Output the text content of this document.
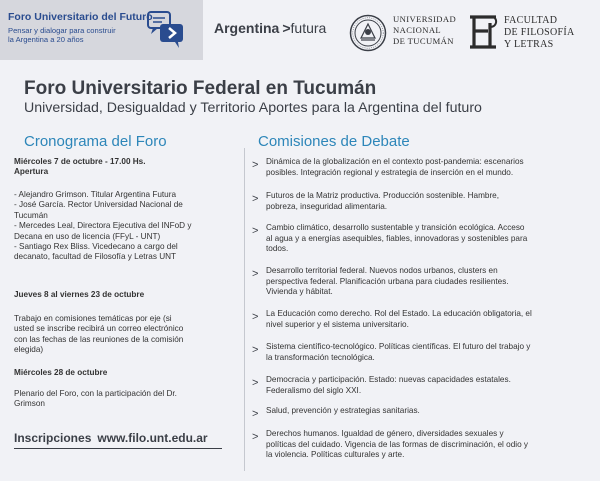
Foro Universitario del Futuro
Pensar y dialogar para construir
la Argentina a 20 años
Argentina >futura
UNIVERSIDAD
NACIONAL
DE TUCUMÁN
FACULTAD
DE FILOSOFÍA
Y LETRAS
Foro Universitario Federal en Tucumán
Universidad, Desigualdad y Territorio Aportes para la Argentina del futuro
Cronograma del Foro	Comisiones de Debate
Miércoles 7 de octubre - 17.00 Hs.
Apertura
- Alejandro Grimson. Titular Argentina Futura
- José García. Rector Universidad Nacional de
Tucumán
- Mercedes Leal, Directora Ejecutiva del INFoD y
Decana en uso de licencia (FFyL - UNT)
- Santiago Rex Bliss. Vicedecano a cargo del
decanato, facultad de Filosofía y Letras UNT
Jueves 8 al viernes 23 de octubre
Trabajo en comisiones temáticas por eje (si
usted se inscribe recibirá un correo electrónico
con las fechas de las reuniones de la comisión
elegida)
Miércoles 28 de octubre
Plenario del Foro, con la participación del Dr.
Grimson
Inscripciones www.filo.unt.edu.ar
> Dinámica de la globalización en el contexto post-pandemia: escenarios
posibles. Integración regional y estrategia de inserción en el mundo.
> Futuros de la Matriz productiva. Producción sostenible. Hambre,
pobreza, inseguridad alimentaria.
> Cambio climático, desarrollo sustentable y transición ecológica. Acceso
al agua y a energías asequibles, fiables, innovadoras y sostenibles para
todos.
> Desarrollo territorial federal. Nuevos nodos urbanos, clusters en
perspectiva federal. Planificación urbana para ciudades resilientes.
Vivienda y hábitat.
> La Educación como derecho. Rol del Estado. La educación obligatoria, el
nivel superior y el sistema universitario.
> Sistema científico-tecnológico. Políticas científicas. El futuro del trabajo y
la transformación tecnológica.
> Democracia y participación. Estado: nuevas capacidades estatales.
Federalismo del siglo XXI.
> Salud, prevención y estrategias sanitarias.
> Derechos humanos. Igualdad de género, diversidades sexuales y
políticas del cuidado. Vigencia de las formas de discriminación, el odio y
la violencia. Políticas culturales y arte.
